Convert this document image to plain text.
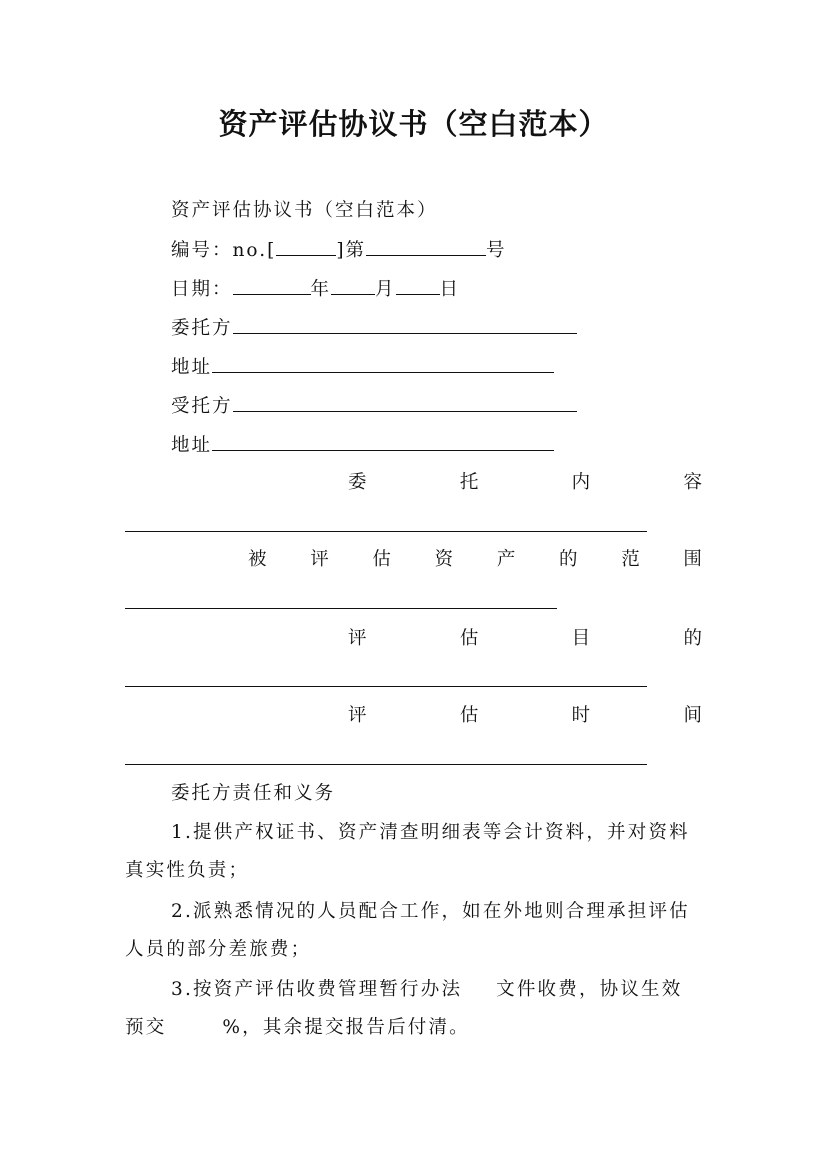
资产评估协议书（空白范本）
资产评估协议书（空白范本）
编号：no.[	]第	号
日期：	年 月 日
委托方
地址
受托方
地址
委	托	内	容
被 评 估 资 产 的 范 围
评	估	目	的
评	估	时	间
委托方责任和义务
1.提供产权证书、资产清查明细表等会计资料，并对资料真实性负责；
2.派熟悉情况的人员配合工作，如在外地则合理承担评估人员的部分差旅费；
3.按资产评估收费管理暂行办法 文件收费，协议生效预交	%，其余提交报告后付清。
